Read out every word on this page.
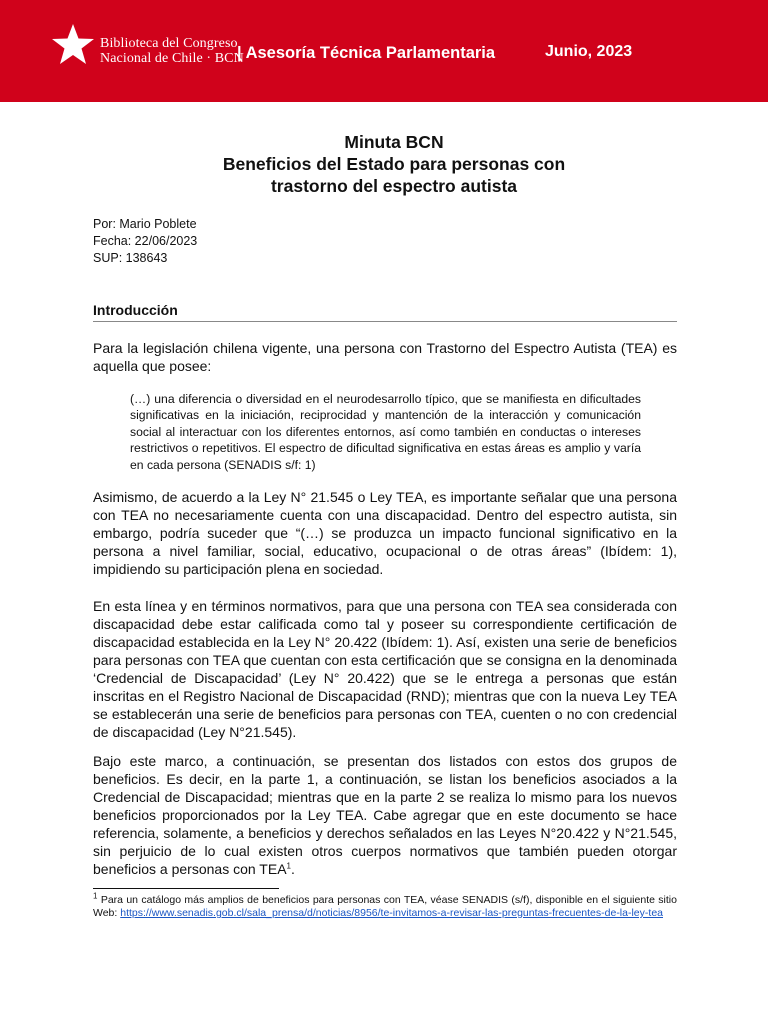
Biblioteca del Congreso
Nacional de Chile · BCN
| Asesoría Técnica Parlamentaria	Junio, 2023
Minuta BCN
Beneficios del Estado para personas con
trastorno del espectro autista
Por: Mario Poblete
Fecha: 22/06/2023
SUP: 138643
Introducción

Para la legislación chilena vigente, una persona con Trastorno del Espectro Autista (TEA) es aquella que posee:

(…) una diferencia o diversidad en el neurodesarrollo típico, que se manifiesta en dificultades significativas en la iniciación, reciprocidad y mantención de la interacción y comunicación social al interactuar con los diferentes entornos, así como también en conductas o intereses restrictivos o repetitivos. El espectro de dificultad significativa en estas áreas es amplio y varía en cada persona (SENADIS s/f: 1)

Asimismo, de acuerdo a la Ley N° 21.545 o Ley TEA, es importante señalar que una persona con TEA no necesariamente cuenta con una discapacidad. Dentro del espectro autista, sin embargo, podría suceder que “(…) se produzca un impacto funcional significativo en la persona a nivel familiar, social, educativo, ocupacional o de otras áreas” (Ibídem: 1), impidiendo su participación plena en sociedad.

En esta línea y en términos normativos, para que una persona con TEA sea considerada con discapacidad debe estar calificada como tal y poseer su correspondiente certificación de discapacidad establecida en la Ley N° 20.422 (Ibídem: 1). Así, existen una serie de beneficios para personas con TEA que cuentan con esta certificación que se consigna en la denominada ‘Credencial de Discapacidad’ (Ley N° 20.422) que se le entrega a personas que están inscritas en el Registro Nacional de Discapacidad (RND); mientras que con la nueva Ley TEA se establecerán una serie de beneficios para personas con TEA, cuenten o no con credencial de discapacidad (Ley N°21.545).

Bajo este marco, a continuación, se presentan dos listados con estos dos grupos de beneficios. Es decir, en la parte 1, a continuación, se listan los beneficios asociados a la Credencial de Discapacidad; mientras que en la parte 2 se realiza lo mismo para los nuevos beneficios proporcionados por la Ley TEA. Cabe agregar que en este documento se hace referencia, solamente, a beneficios y derechos señalados en las Leyes N°20.422 y N°21.545, sin perjuicio de lo cual existen otros cuerpos normativos que también pueden otorgar beneficios a personas con TEA$^1$.

$^1$ Para un catálogo más amplios de beneficios para personas con TEA, véase SENADIS (s/f), disponible en el siguiente sitio Web: https://www.senadis.gob.cl/sala_prensa/d/noticias/8956/te-invitamos-a-revisar-las-preguntas-frecuentes-de-la-ley-tea
